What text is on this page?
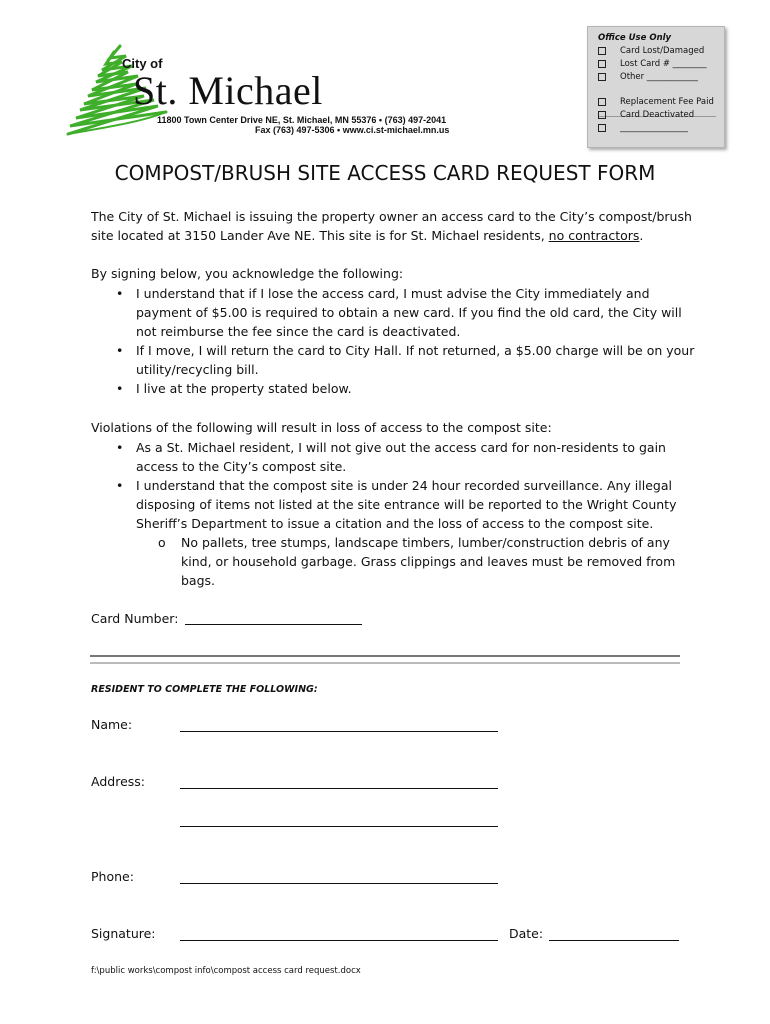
City of
St. Michael
11800 Town Center Drive NE, St. Michael, MN 55376 • (763) 497-2041
Fax (763) 497-5306 • www.ci.st-michael.mn.us
Office Use Only
Card Lost/Damaged
Lost Card # ________
Other ____________
Replacement Fee Paid
Card Deactivated
________________
COMPOST/BRUSH SITE ACCESS CARD REQUEST FORM
The City of St. Michael is issuing the property owner an access card to the City’s compost/brush site located at 3150 Lander Ave NE. This site is for St. Michael residents, no contractors.
By signing below, you acknowledge the following:
• I understand that if I lose the access card, I must advise the City immediately and payment of $5.00 is required to obtain a new card. If you find the old card, the City will not reimburse the fee since the card is deactivated.
• If I move, I will return the card to City Hall. If not returned, a $5.00 charge will be on your utility/recycling bill.
• I live at the property stated below.
Violations of the following will result in loss of access to the compost site:
• As a St. Michael resident, I will not give out the access card for non-residents to gain access to the City’s compost site.
• I understand that the compost site is under 24 hour recorded surveillance. Any illegal disposing of items not listed at the site entrance will be reported to the Wright County Sheriff’s Department to issue a citation and the loss of access to the compost site.
o No pallets, tree stumps, landscape timbers, lumber/construction debris of any kind, or household garbage. Grass clippings and leaves must be removed from bags.
Card Number:
RESIDENT TO COMPLETE THE FOLLOWING:
Name:
Address:
Phone:
Signature:	Date:
f:\public works\compost info\compost access card request.docx
